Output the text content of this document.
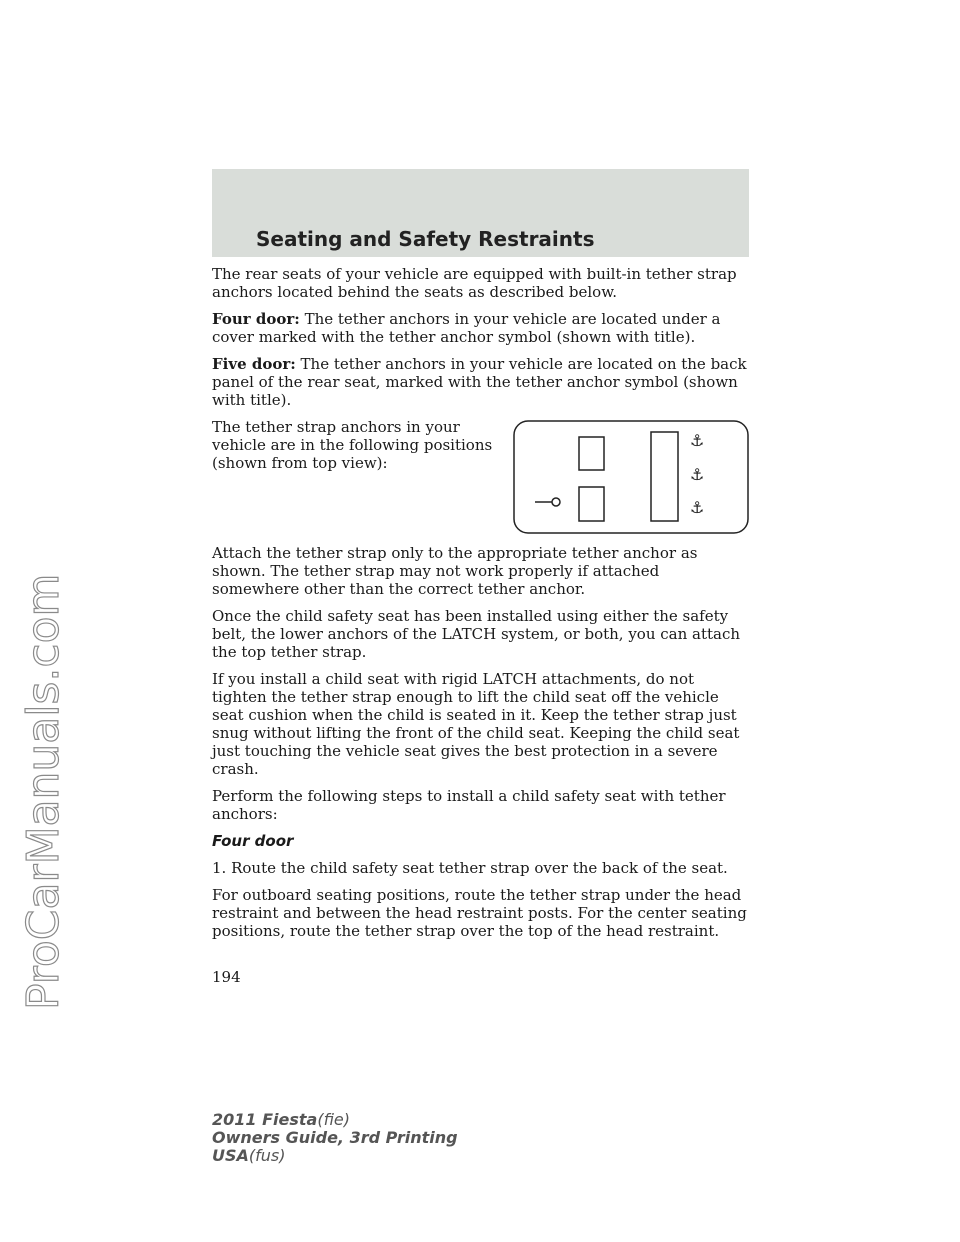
ProCarManuals.com
Seating and Safety Restraints

The rear seats of your vehicle are equipped with built-in tether strap anchors located behind the seats as described below.

Four door: The tether anchors in your vehicle are located under a cover marked with the tether anchor symbol (shown with title).

Five door: The tether anchors in your vehicle are located on the back panel of the rear seat, marked with the tether anchor symbol (shown with title).

The tether strap anchors in your vehicle are in the following positions (shown from top view):

⚓
⚓
⚓

Attach the tether strap only to the appropriate tether anchor as shown. The tether strap may not work properly if attached somewhere other than the correct tether anchor.

Once the child safety seat has been installed using either the safety belt, the lower anchors of the LATCH system, or both, you can attach the top tether strap.

If you install a child seat with rigid LATCH attachments, do not tighten the tether strap enough to lift the child seat off the vehicle seat cushion when the child is seated in it. Keep the tether strap just snug without lifting the front of the child seat. Keeping the child seat just touching the vehicle seat gives the best protection in a severe crash.

Perform the following steps to install a child safety seat with tether anchors:

Four door

1. Route the child safety seat tether strap over the back of the seat.

For outboard seating positions, route the tether strap under the head restraint and between the head restraint posts. For the center seating positions, route the tether strap over the top of the head restraint.

194
2011 Fiesta(fie)
Owners Guide, 3rd Printing
USA(fus)
